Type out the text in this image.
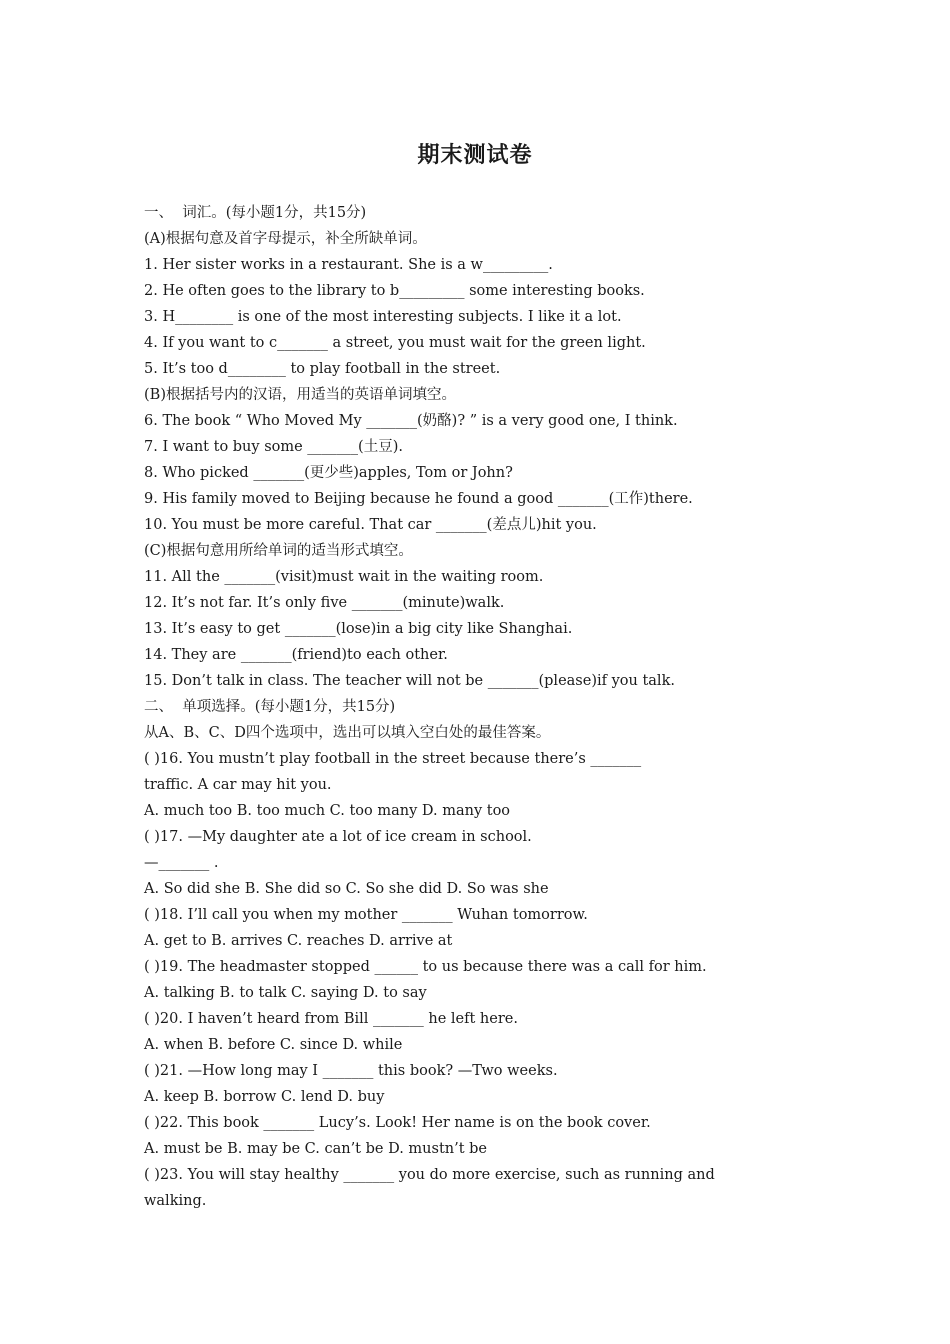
期末测试卷
一、  词汇。(每小题1分，共15分)
(A)根据句意及首字母提示，补全所缺单词。
1. Her sister works in a restaurant. She is a w_________.
2. He often goes to the library to b_________ some interesting books.
3. H________ is one of the most interesting subjects. I like it a lot.
4. If you want to c_______ a street, you must wait for the green light.
5. It’s too d________ to play football in the street.
(B)根据括号内的汉语，用适当的英语单词填空。
6. The book “ Who Moved My _______(奶酪)? ” is a very good one, I think.
7. I want to buy some _______(土豆).
8. Who picked _______(更少些)apples, Tom or John?
9. His family moved to Beijing because he found a good _______(工作)there.
10. You must be more careful. That car _______(差点儿)hit you.
(C)根据句意用所给单词的适当形式填空。
11. All the _______(visit)must wait in the waiting room.
12. It’s not far. It’s only five _______(minute)walk.
13. It’s easy to get _______(lose)in a big city like Shanghai.
14. They are _______(friend)to each other.
15. Don’t talk in class. The teacher will not be _______(please)if you talk.
二、  单项选择。(每小题1分，共15分)
从A、B、C、D四个选项中，选出可以填入空白处的最佳答案。
( )16. You mustn’t play football in the street because there’s _______
traffic. A car may hit you.
A. much too B. too much C. too many D. many too
( )17. —My daughter ate a lot of ice cream in school.
—_______ .
A. So did she B. She did so C. So she did D. So was she
( )18. I’ll call you when my mother _______ Wuhan tomorrow.
A. get to B. arrives C. reaches D. arrive at
( )19. The headmaster stopped ______ to us because there was a call for him.
A. talking B. to talk C. saying D. to say
( )20. I haven’t heard from Bill _______ he left here.
A. when B. before C. since D. while
( )21. —How long may I _______ this book? —Two weeks.
A. keep B. borrow C. lend D. buy
( )22. This book _______ Lucy’s. Look! Her name is on the book cover.
A. must be B. may be C. can’t be D. mustn’t be
( )23. You will stay healthy _______ you do more exercise, such as running and
walking.
